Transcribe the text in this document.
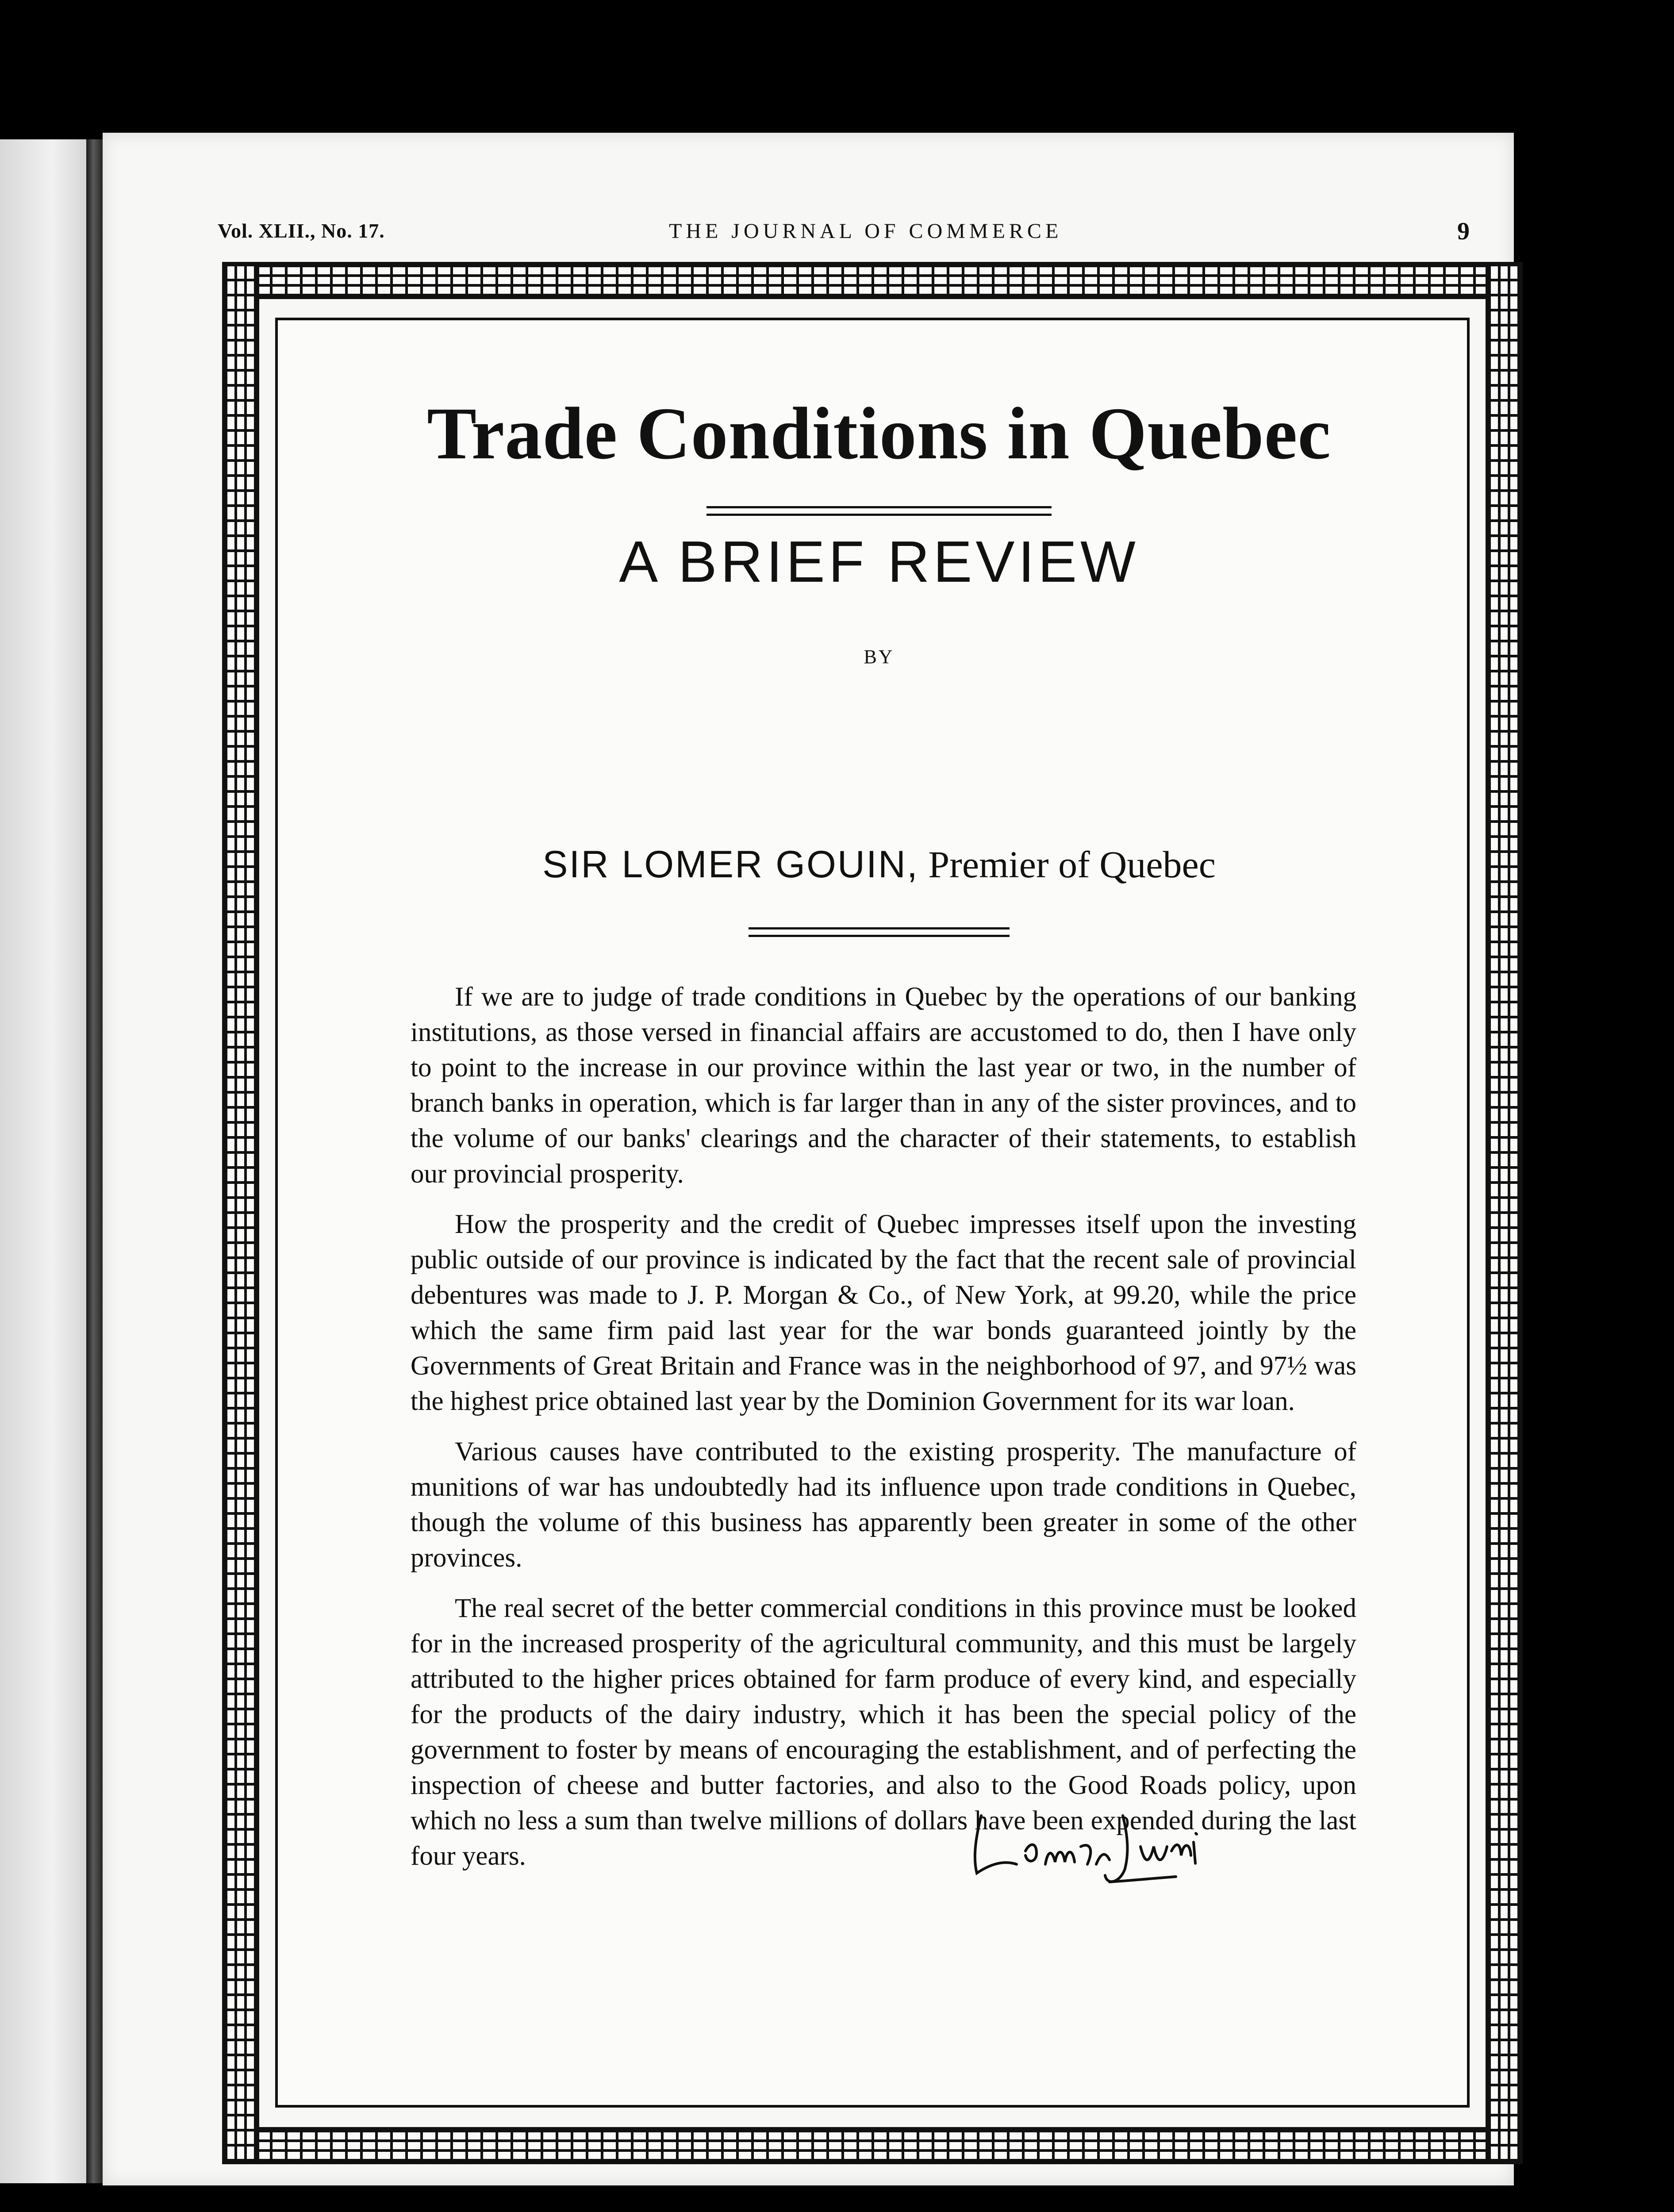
Vol. XLII., No. 17.	THE JOURNAL OF COMMERCE	9
Trade Conditions in Quebec
A BRIEF REVIEW
BY
SIR LOMER GOUIN, Premier of Quebec

If we are to judge of trade conditions in Quebec by the operations of our banking institutions, as those versed in financial affairs are accustomed to do, then I have only to point to the increase in our province within the last year or two, in the number of branch banks in operation, which is far larger than in any of the sister provinces, and to the volume of our banks' clearings and the character of their statements, to establish our provincial prosperity.

How the prosperity and the credit of Quebec impresses itself upon the investing public outside of our province is indicated by the fact that the recent sale of provincial debentures was made to J. P. Morgan & Co., of New York, at 99.20, while the price which the same firm paid last year for the war bonds guaranteed jointly by the Governments of Great Britain and France was in the neighborhood of 97, and 97½ was the highest price obtained last year by the Dominion Government for its war loan.

Various causes have contributed to the existing prosperity. The manufacture of munitions of war has undoubtedly had its influence upon trade conditions in Quebec, though the volume of this business has apparently been greater in some of the other provinces.

The real secret of the better commercial conditions in this province must be looked for in the increased prosperity of the agricultural community, and this must be largely attributed to the higher prices obtained for farm produce of every kind, and especially for the products of the dairy industry, which it has been the special policy of the government to foster by means of encouraging the establishment, and of perfecting the inspection of cheese and butter factories, and also to the Good Roads policy, upon which no less a sum than twelve millions of dollars have been expended during the last four years.
